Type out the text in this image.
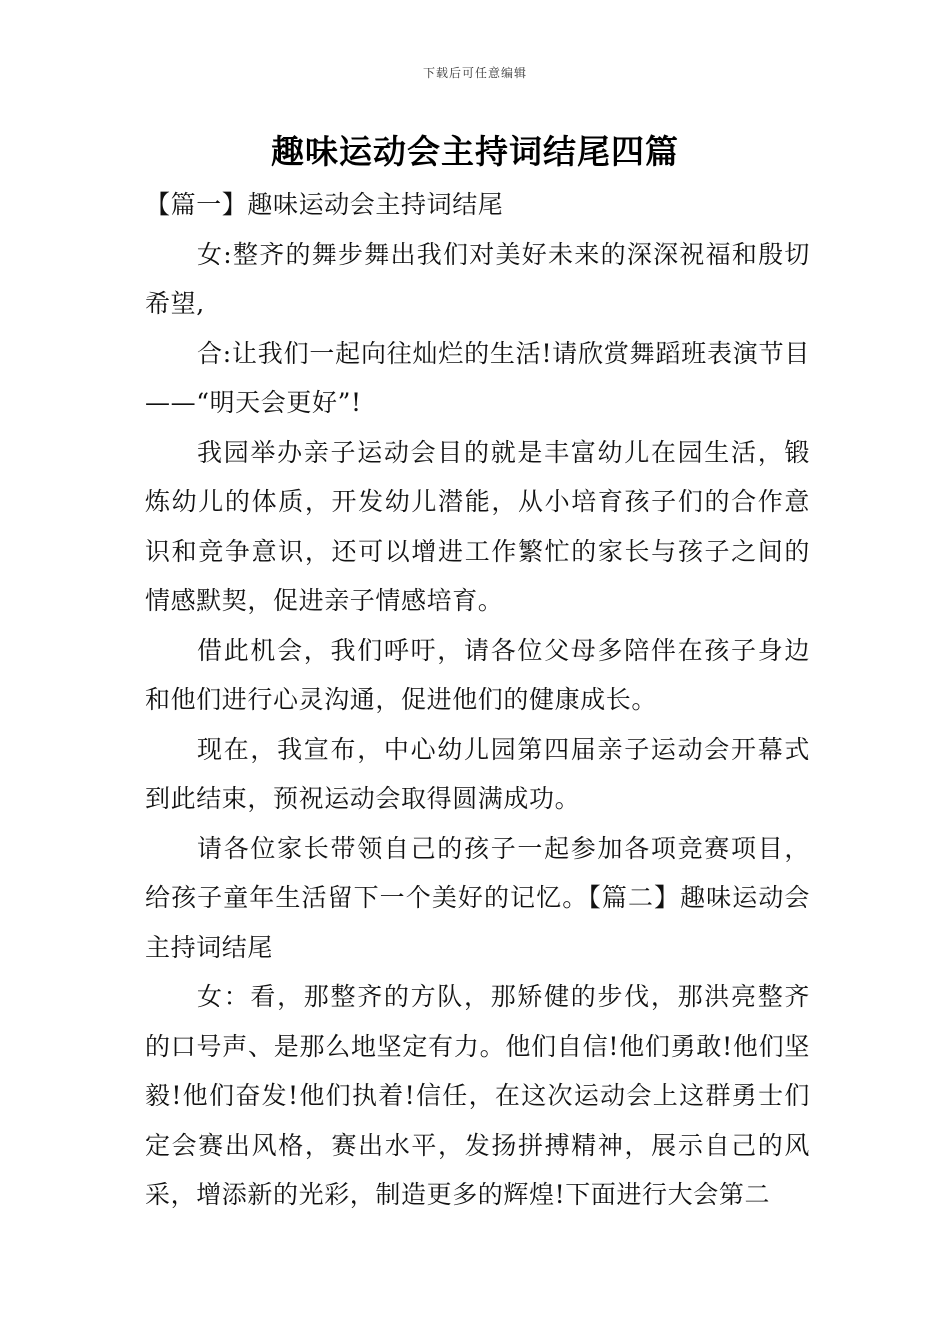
下载后可任意编辑
趣味运动会主持词结尾四篇

【篇一】趣味运动会主持词结尾

女:整齐的舞步舞出我们对美好未来的深深祝福和殷切希望,

合:让我们一起向往灿烂的生活!请欣赏舞蹈班表演节目——“明天会更好”!

我园举办亲子运动会目的就是丰富幼儿在园生活，锻炼幼儿的体质，开发幼儿潜能，从小培育孩子们的合作意识和竞争意识，还可以增进工作繁忙的家长与孩子之间的情感默契，促进亲子情感培育。

借此机会，我们呼吁，请各位父母多陪伴在孩子身边和他们进行心灵沟通，促进他们的健康成长。

现在，我宣布，中心幼儿园第四届亲子运动会开幕式到此结束，预祝运动会取得圆满成功。

请各位家长带领自己的孩子一起参加各项竞赛项目，给孩子童年生活留下一个美好的记忆。【篇二】趣味运动会主持词结尾

女：看，那整齐的方队，那矫健的步伐，那洪亮整齐的口号声、是那么地坚定有力。他们自信!他们勇敢!他们坚毅!他们奋发!他们执着!信任，在这次运动会上这群勇士们定会赛出风格，赛出水平，发扬拼搏精神，展示自己的风采，增添新的光彩，制造更多的辉煌!下面进行大会第二
